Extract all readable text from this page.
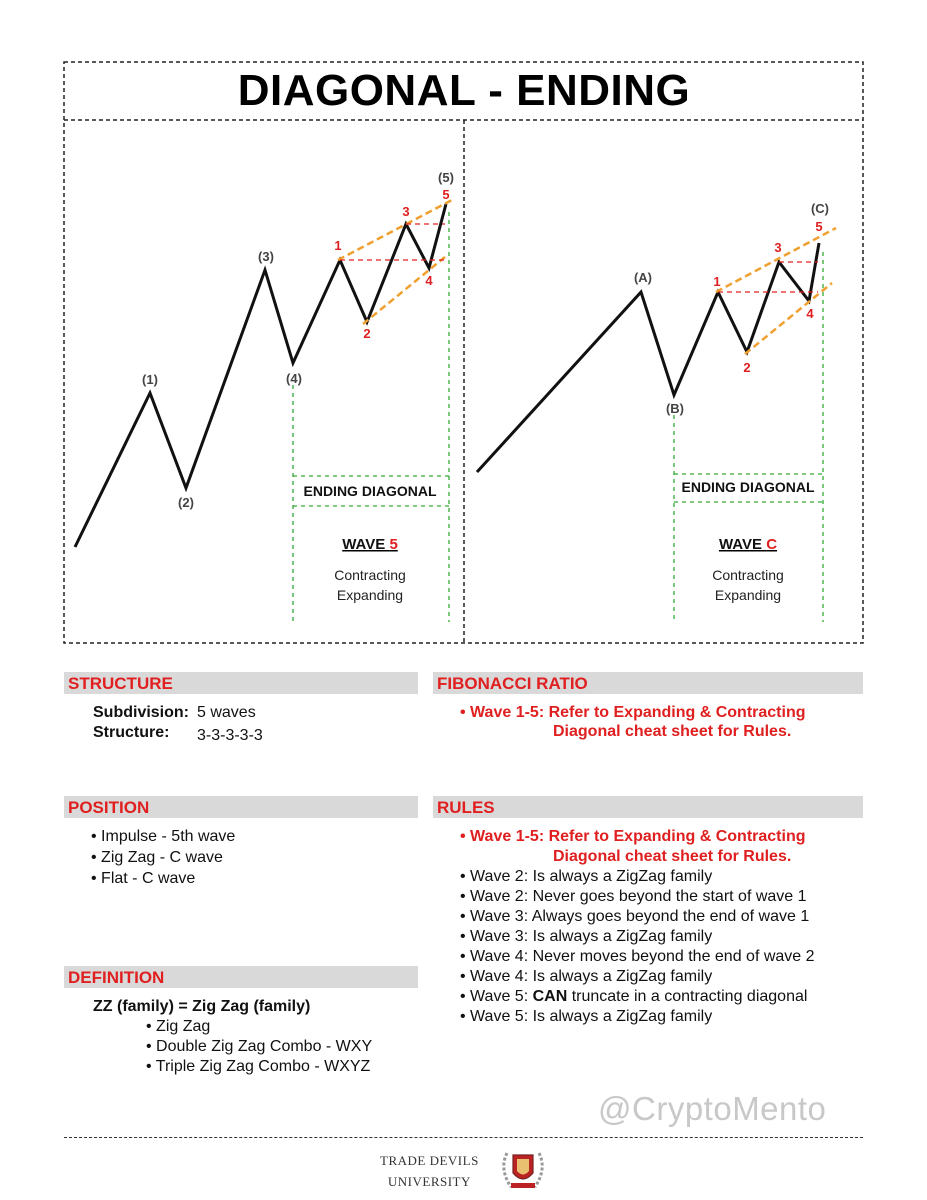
DIAGONAL - ENDING
(1)
(2)
(3)
(4)
(5)
1
2
3
4
5
ENDING DIAGONAL
WAVE 5
Contracting
Expanding
(A)
(B)
(C)
1
2
3
4
5
ENDING DIAGONAL
WAVE C
Contracting
Expanding
STRUCTURE
Subdivision: 5 waves
Structure: 3-3-3-3-3
FIBONACCI RATIO
• Wave 1-5: Refer to Expanding & Contracting
Diagonal cheat sheet for Rules.
POSITION
• Impulse - 5th wave
• Zig Zag - C wave
• Flat - C wave
RULES
• Wave 1-5: Refer to Expanding & Contracting
Diagonal cheat sheet for Rules.
• Wave 2: Is always a ZigZag family
• Wave 2: Never goes beyond the start of wave 1
• Wave 3: Always goes beyond the end of wave 1
• Wave 3: Is always a ZigZag family
• Wave 4: Never moves beyond the end of wave 2
• Wave 4: Is always a ZigZag family
• Wave 5: CAN truncate in a contracting diagonal
• Wave 5: Is always a ZigZag family
DEFINITION
ZZ (family) = Zig Zag (family)
• Zig Zag
• Double Zig Zag Combo - WXY
• Triple Zig Zag Combo - WXYZ
@CryptoMento
TRADE DEVILS
UNIVERSITY
